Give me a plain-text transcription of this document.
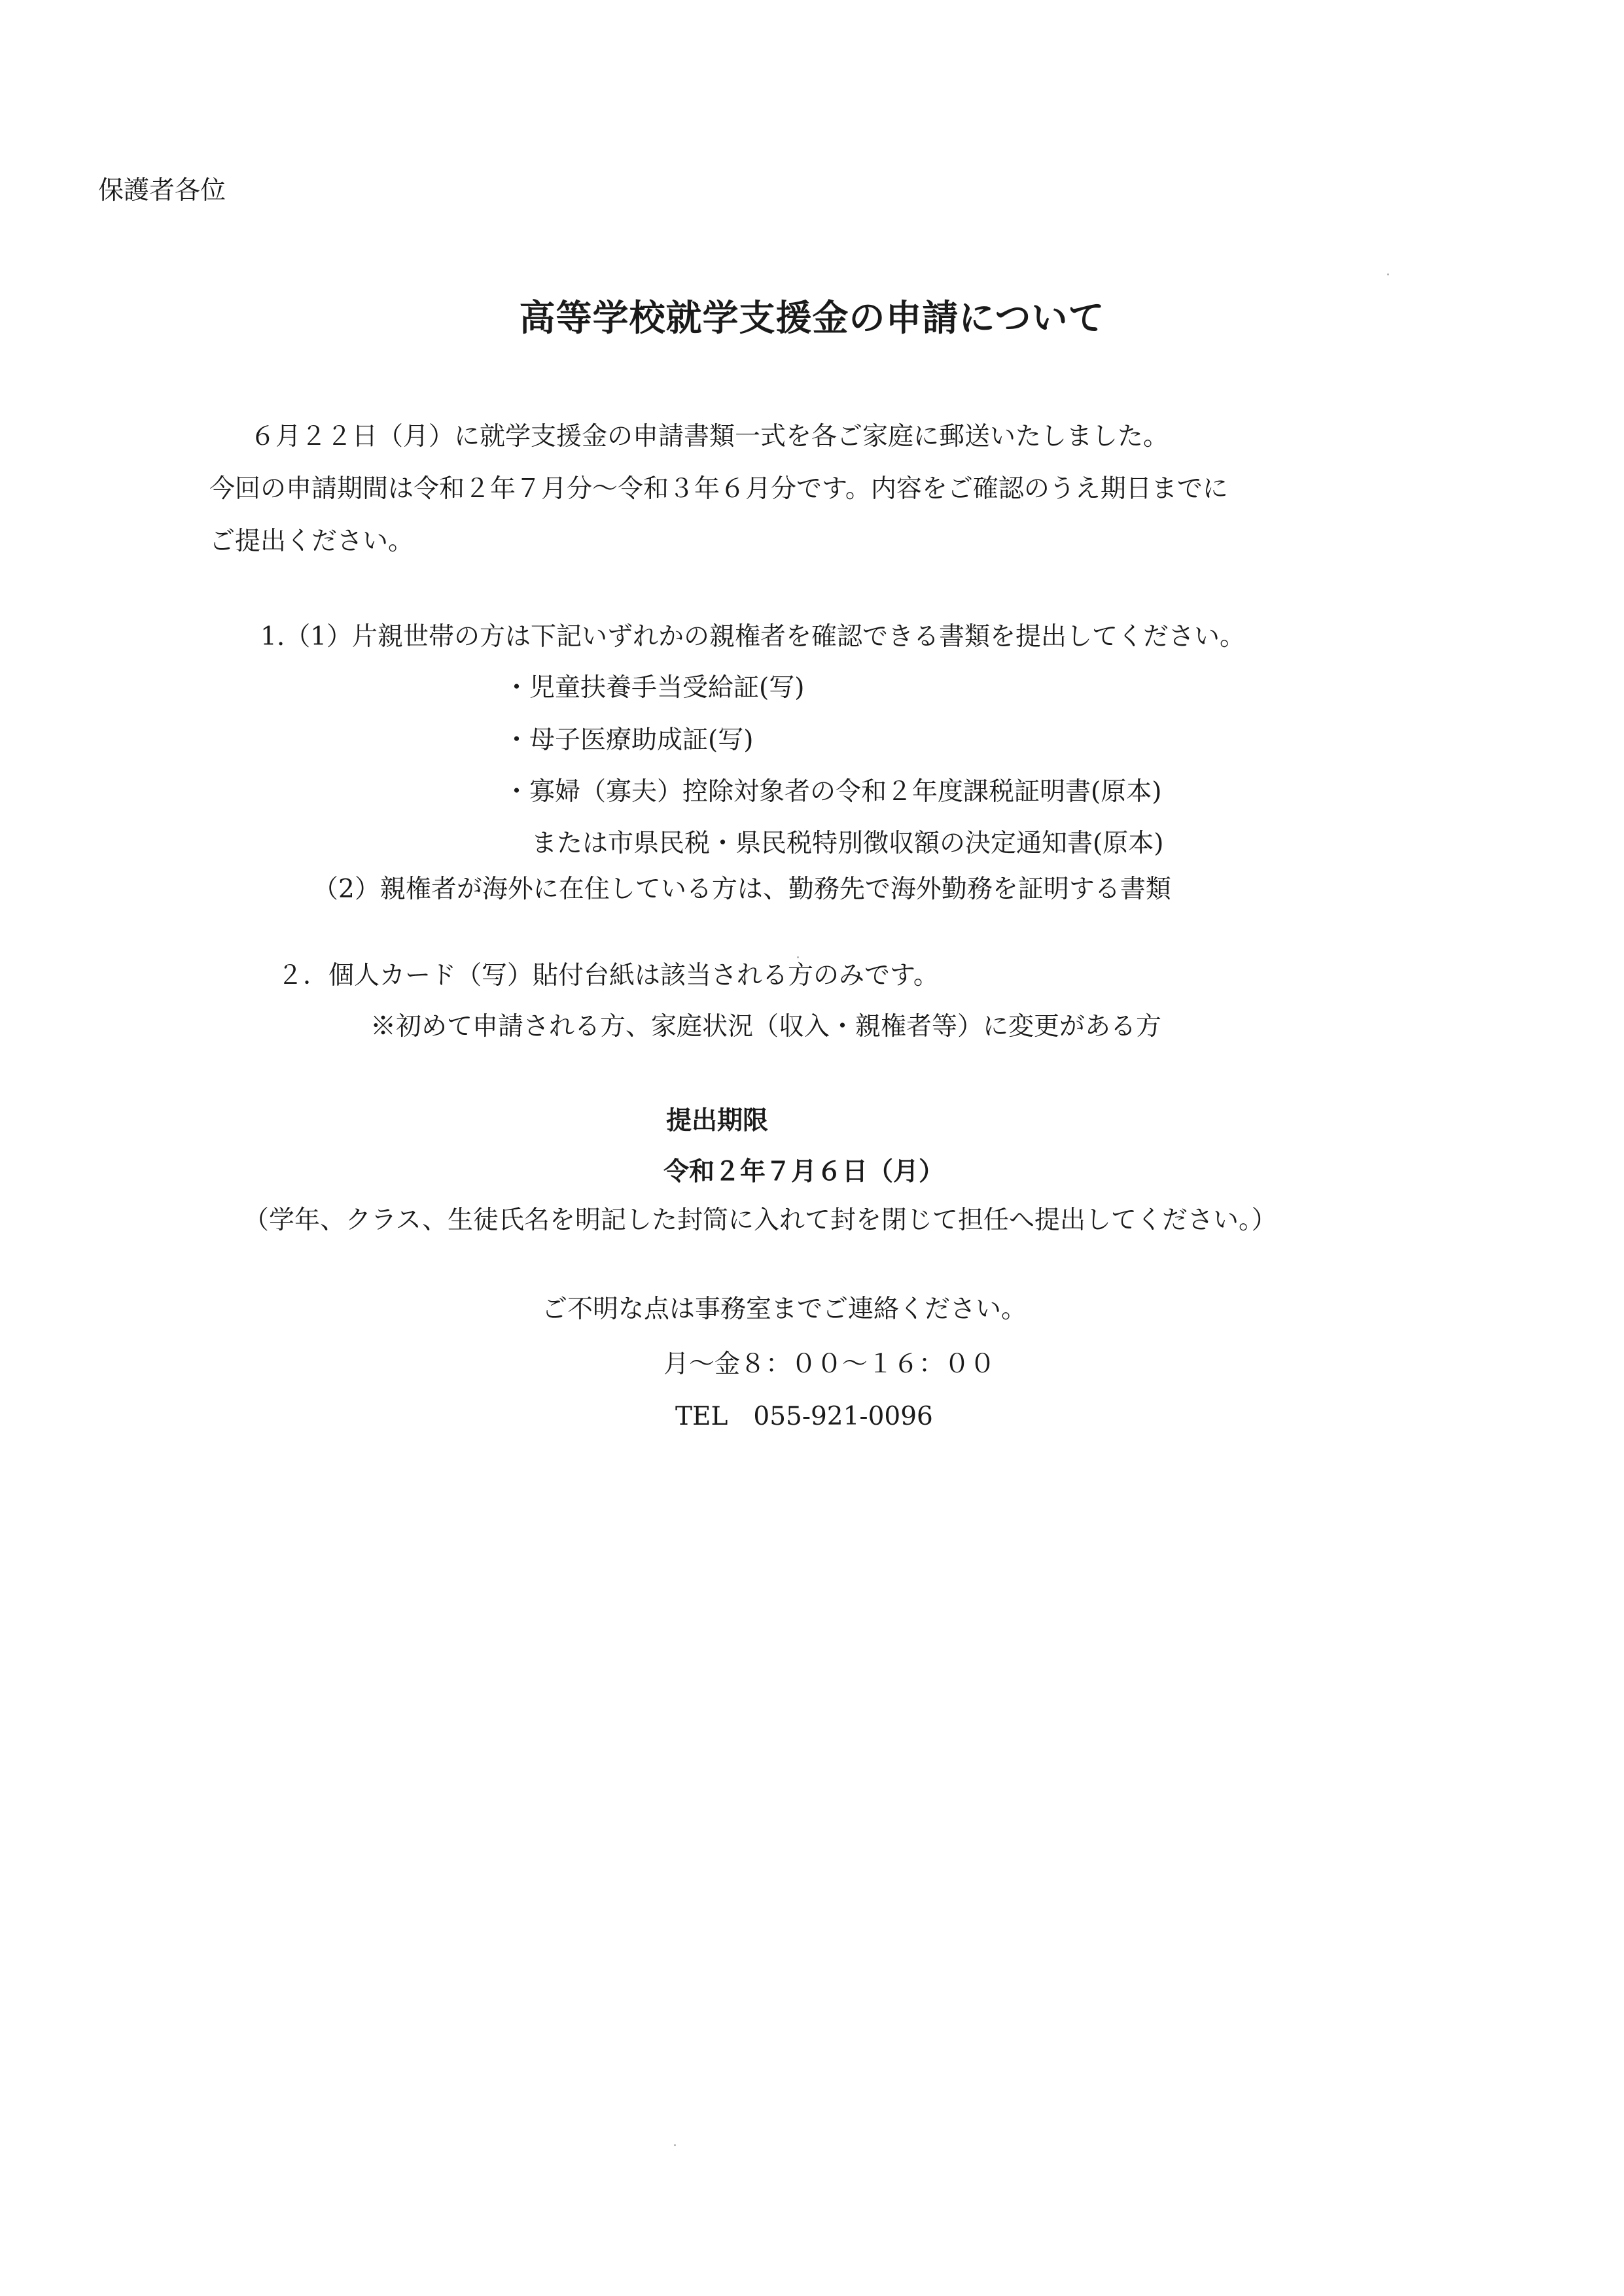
保護者各位

高等学校就学支援金の申請について

６月２２日（月）に就学支援金の申請書類一式を各ご家庭に郵送いたしました。

今回の申請期間は令和２年７月分～令和３年６月分です。内容をご確認のうえ期日までに

ご提出ください。

1.（1）片親世帯の方は下記いずれかの親権者を確認できる書類を提出してください。

・児童扶養手当受給証(写)

・母子医療助成証(写)

・寡婦（寡夫）控除対象者の令和２年度課税証明書(原本)

または市県民税・県民税特別徴収額の決定通知書(原本)

（2）親権者が海外に在住している方は、勤務先で海外勤務を証明する書類

２．個人カード（写）貼付台紙は該当される方のみです。

※初めて申請される方、家庭状況（収入・親権者等）に変更がある方

提出期限

令和２年７月６日（月）

（学年、クラス、生徒氏名を明記した封筒に入れて封を閉じて担任へ提出してください。）

ご不明な点は事務室までご連絡ください。

月～金８：００～１６：００

TEL　055-921-0096
